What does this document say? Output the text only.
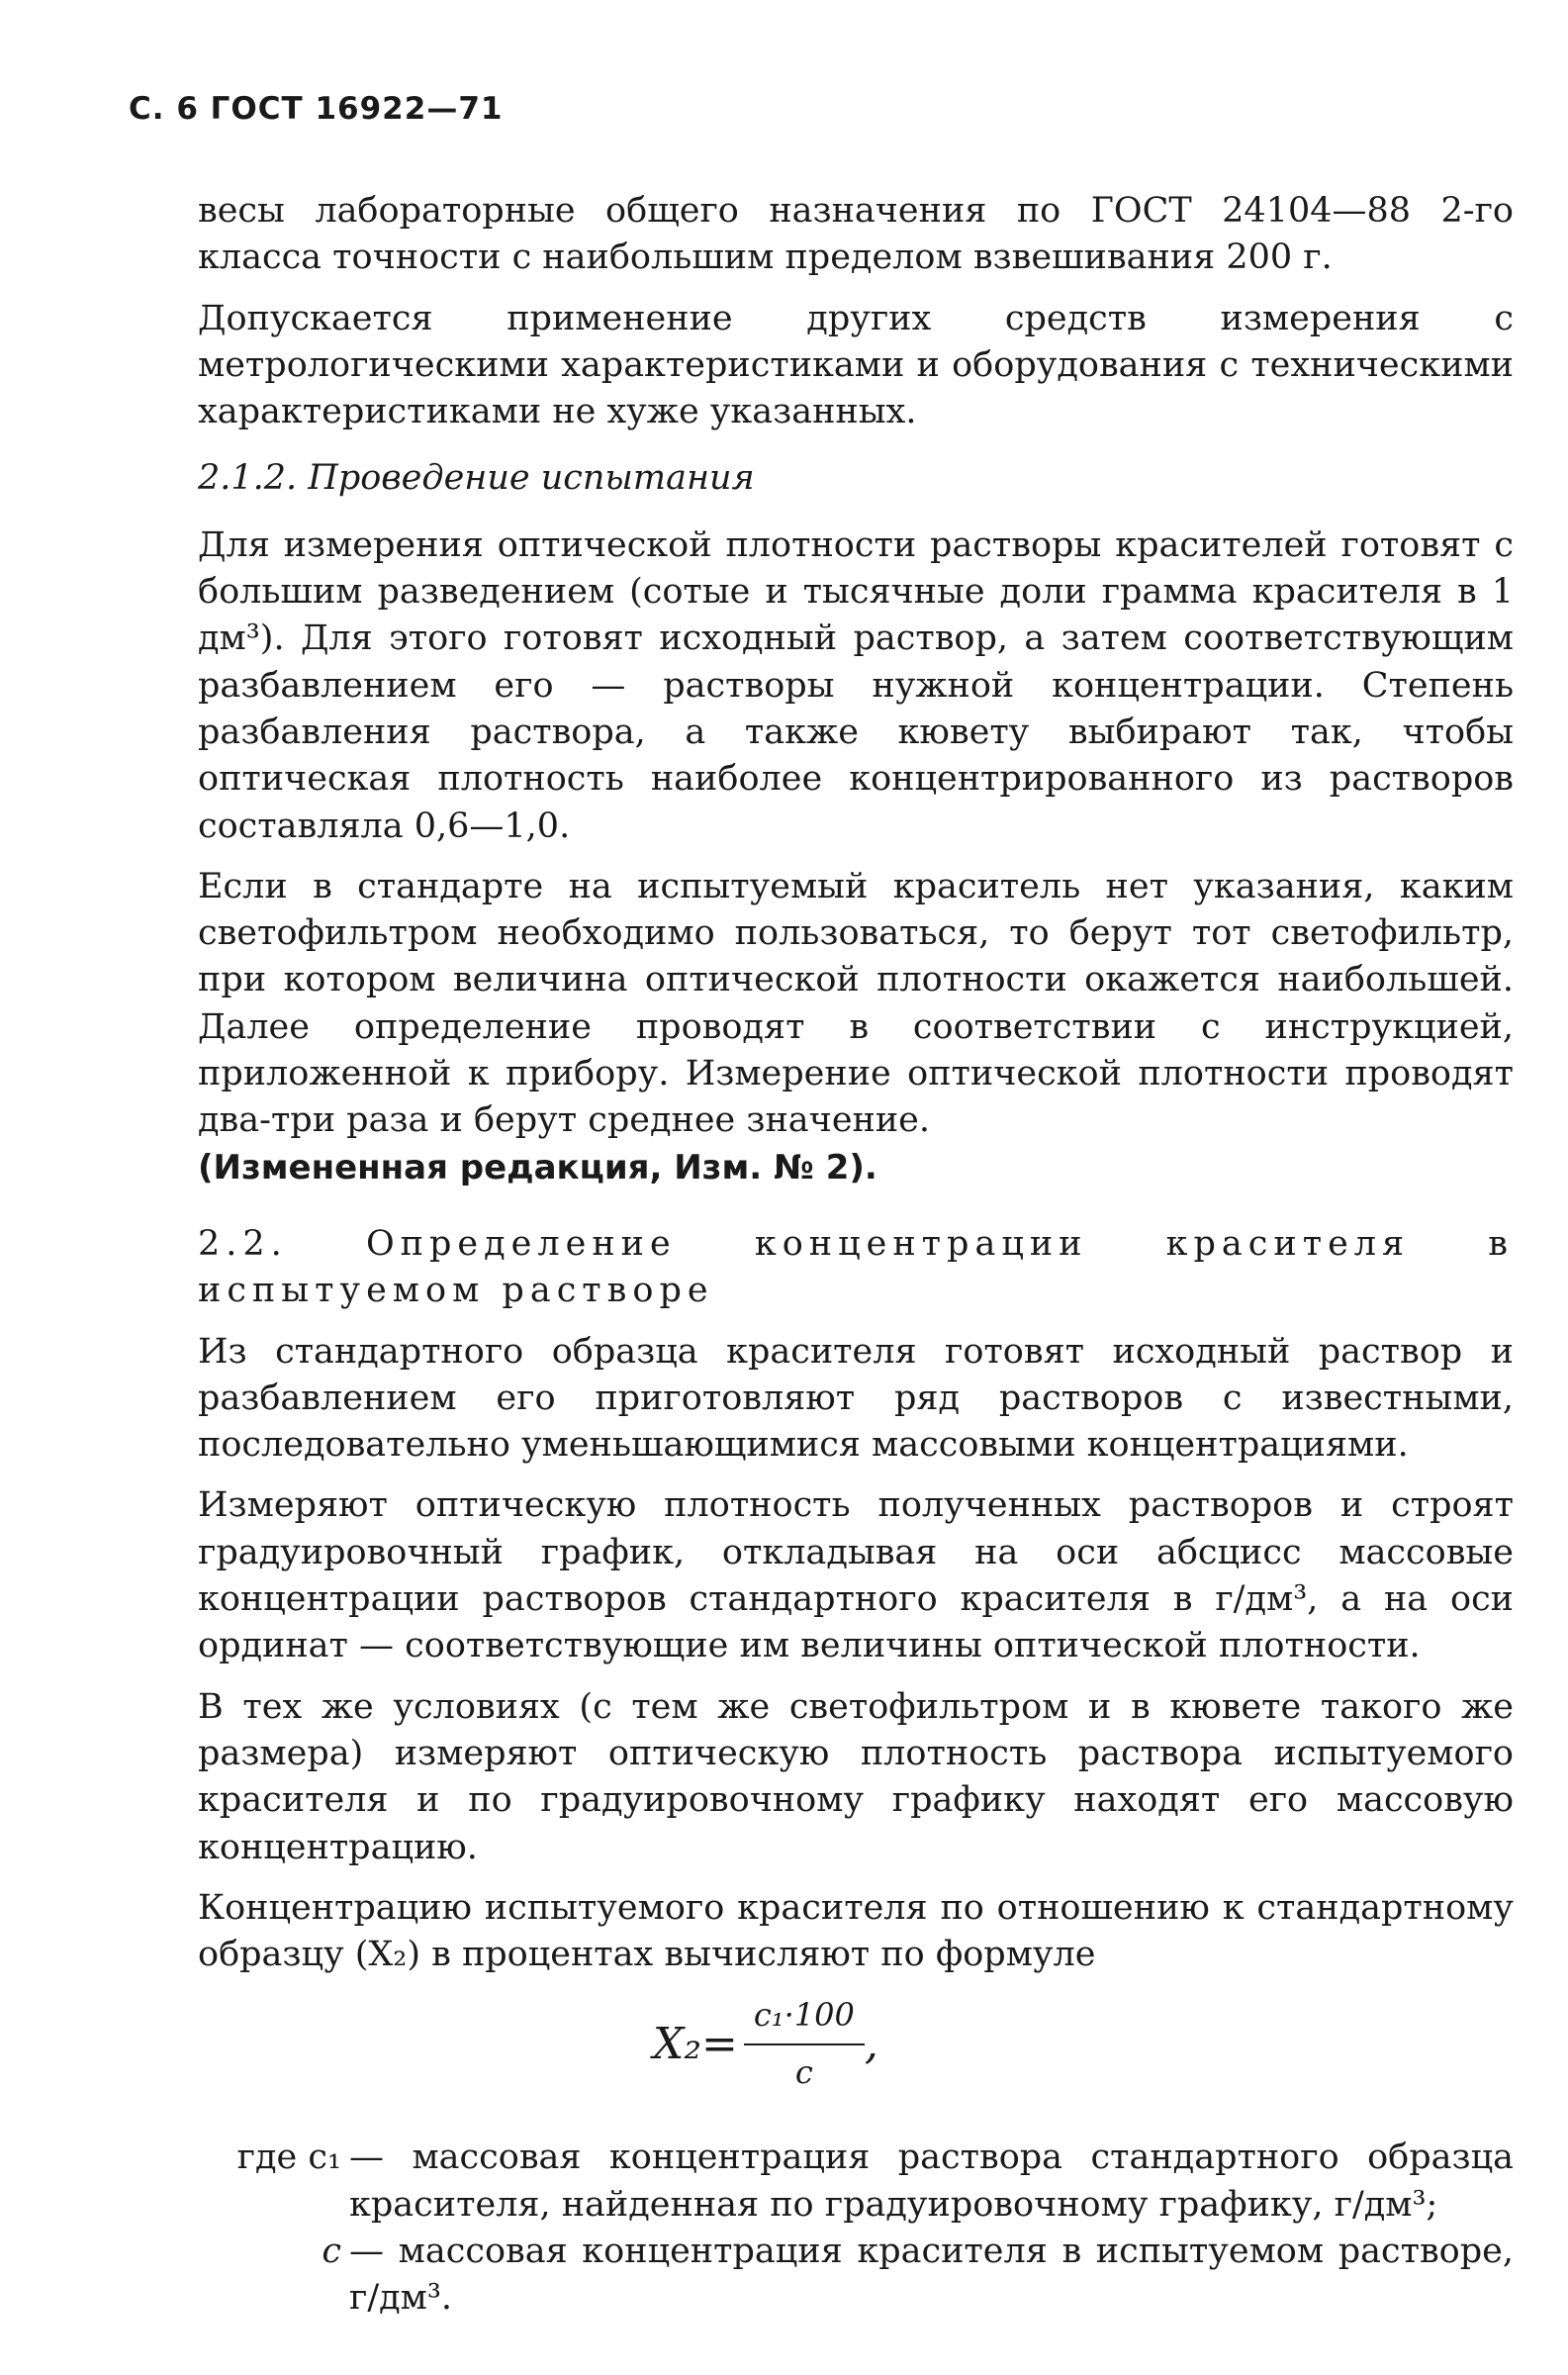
С. 6 ГОСТ 16922—71

весы лабораторные общего назначения по ГОСТ 24104—88 2-го класса точности с наибольшим пределом взвешивания 200 г.

Допускается применение других средств измерения с метрологическими характеристиками и оборудования с техническими характеристиками не хуже указанных.

2.1.2. Проведение испытания

Для измерения оптической плотности растворы красителей готовят с большим разведением (сотые и тысячные доли грамма красителя в 1 дм³). Для этого готовят исходный раствор, а затем соответствующим разбавлением его — растворы нужной концентрации. Степень разбавления раствора, а также кювету выбирают так, чтобы оптическая плотность наиболее концентрированного из растворов составляла 0,6—1,0.

Если в стандарте на испытуемый краситель нет указания, каким светофильтром необходимо пользоваться, то берут тот светофильтр, при котором величина оптической плотности окажется наибольшей. Далее определение проводят в соответствии с инструкцией, приложенной к прибору. Измерение оптической плотности проводят два-три раза и берут среднее значение.

(Измененная редакция, Изм. № 2).

2.2. Определение концентрации красителя в испытуемом растворе

Из стандартного образца красителя готовят исходный раствор и разбавлением его приготовляют ряд растворов с известными, последовательно уменьшающимися массовыми концентрациями.

Измеряют оптическую плотность полученных растворов и строят градуировочный график, откладывая на оси абсцисс массовые концентрации растворов стандартного красителя в г/дм³, а на оси ординат — соответствующие им величины оптической плотности.

В тех же условиях (с тем же светофильтром и в кювете такого же размера) измеряют оптическую плотность раствора испытуемого красителя и по градуировочному графику находят его массовую концентрацию.

Концентрацию испытуемого красителя по отношению к стандартному образцу (X₂) в процентах вычисляют по формуле

$X_2= \frac{\text{c₁·100}}{c}$ ,
где c₁ — массовая концентрация раствора стандартного образца красителя, найденная по градуировочному графику, г/дм³;
c — массовая концентрация красителя в испытуемом растворе, г/дм³.
